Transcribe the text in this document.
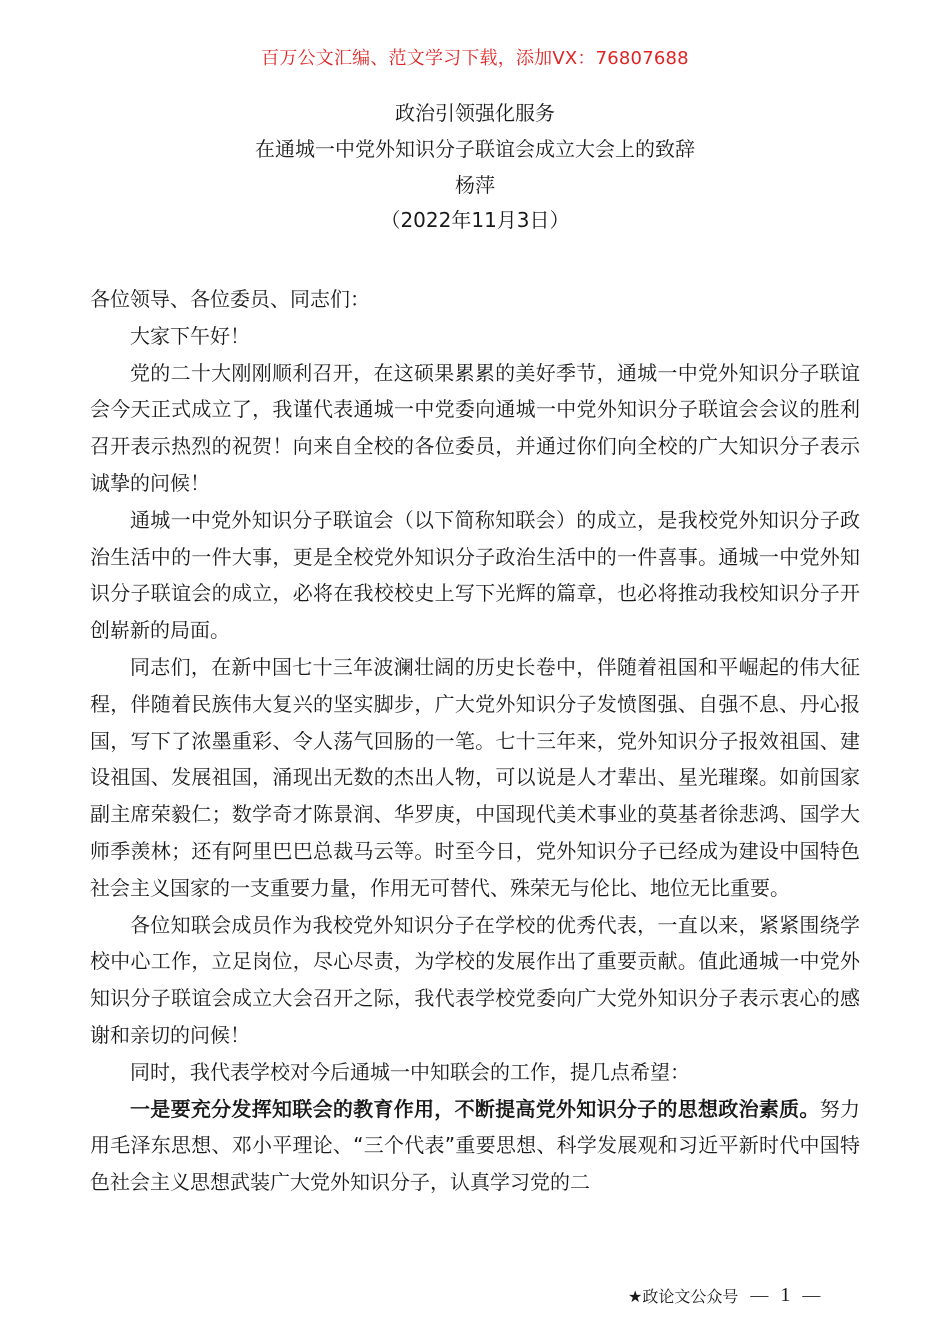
百万公文汇编、范文学习下载，添加VX：76807688
政治引领强化服务
在通城一中党外知识分子联谊会成立大会上的致辞
杨萍
（2022年11月3日）

各位领导、各位委员、同志们：

大家下午好！

党的二十大刚刚顺利召开，在这硕果累累的美好季节，通城一中党外知识分子联谊会今天正式成立了，我谨代表通城一中党委向通城一中党外知识分子联谊会会议的胜利召开表示热烈的祝贺！向来自全校的各位委员，并通过你们向全校的广大知识分子表示诚挚的问候！

通城一中党外知识分子联谊会（以下简称知联会）的成立，是我校党外知识分子政治生活中的一件大事，更是全校党外知识分子政治生活中的一件喜事。通城一中党外知识分子联谊会的成立，必将在我校校史上写下光辉的篇章，也必将推动我校知识分子开创崭新的局面。

同志们，在新中国七十三年波澜壮阔的历史长卷中，伴随着祖国和平崛起的伟大征程，伴随着民族伟大复兴的坚实脚步，广大党外知识分子发愤图强、自强不息、丹心报国，写下了浓墨重彩、令人荡气回肠的一笔。七十三年来，党外知识分子报效祖国、建设祖国、发展祖国，涌现出无数的杰出人物，可以说是人才辈出、星光璀璨。如前国家副主席荣毅仁；数学奇才陈景润、华罗庚，中国现代美术事业的莫基者徐悲鸿、国学大师季羡林；还有阿里巴巴总裁马云等。时至今日，党外知识分子已经成为建设中国特色社会主义国家的一支重要力量，作用无可替代、殊荣无与伦比、地位无比重要。

各位知联会成员作为我校党外知识分子在学校的优秀代表，一直以来，紧紧围绕学校中心工作，立足岗位，尽心尽责，为学校的发展作出了重要贡献。值此通城一中党外知识分子联谊会成立大会召开之际，我代表学校党委向广大党外知识分子表示衷心的感谢和亲切的问候！

同时，我代表学校对今后通城一中知联会的工作，提几点希望：

一是要充分发挥知联会的教育作用，不断提高党外知识分子的思想政治素质。努力用毛泽东思想、邓小平理论、“三个代表”重要思想、科学发展观和习近平新时代中国特色社会主义思想武装广大党外知识分子，认真学习党的二

★政论文公众号 — 1 —
